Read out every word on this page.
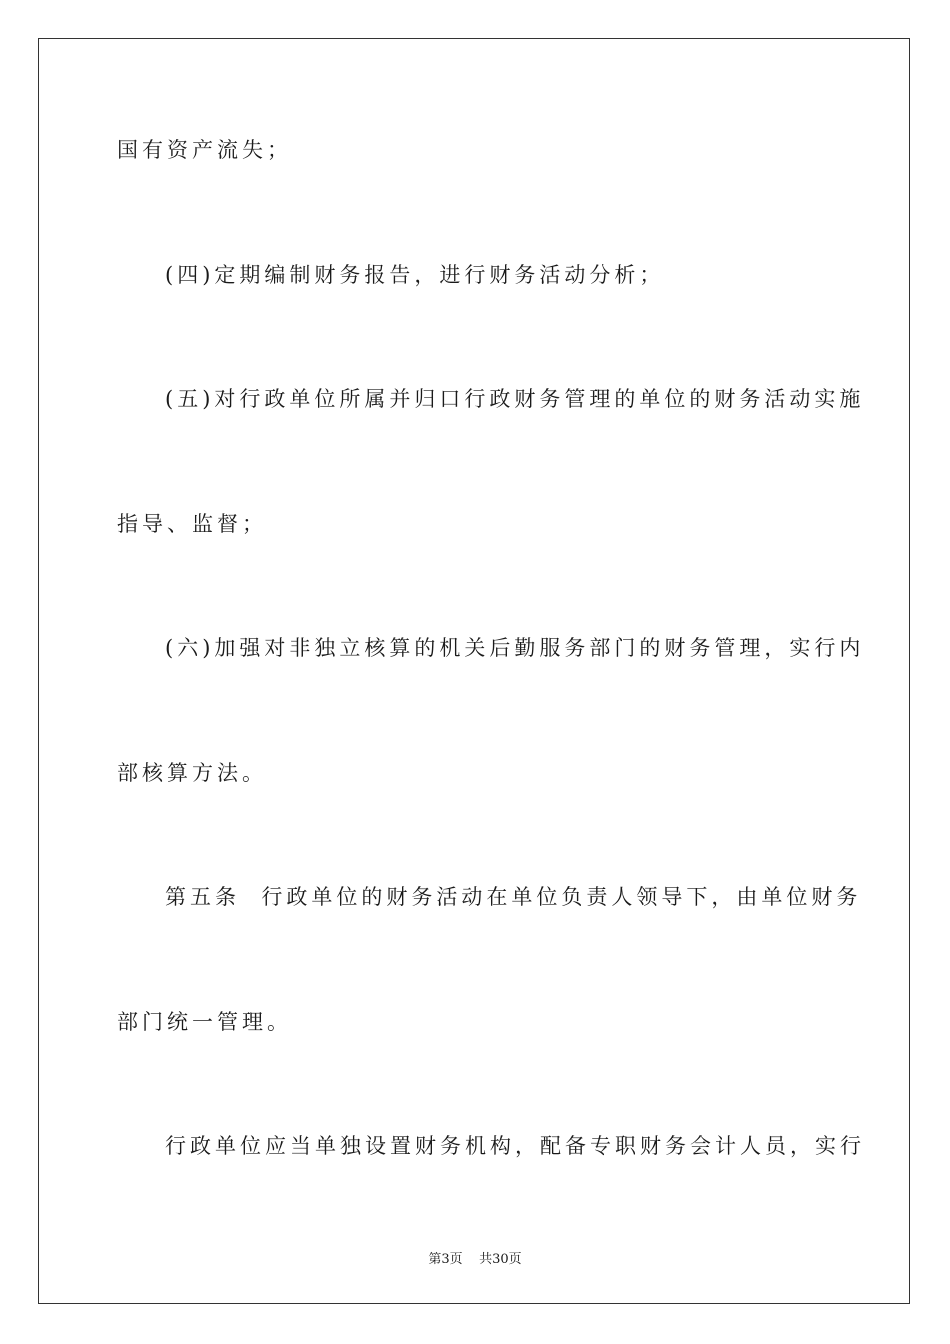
国有资产流失；
(四)定期编制财务报告，进行财务活动分析；
(五)对行政单位所属并归口行政财务管理的单位的财务活动实施
指导、监督；
(六)加强对非独立核算的机关后勤服务部门的财务管理，实行内
部核算方法。
第五条  行政单位的财务活动在单位负责人领导下，由单位财务
部门统一管理。
行政单位应当单独设置财务机构，配备专职财务会计人员，实行
第3页    共30页
